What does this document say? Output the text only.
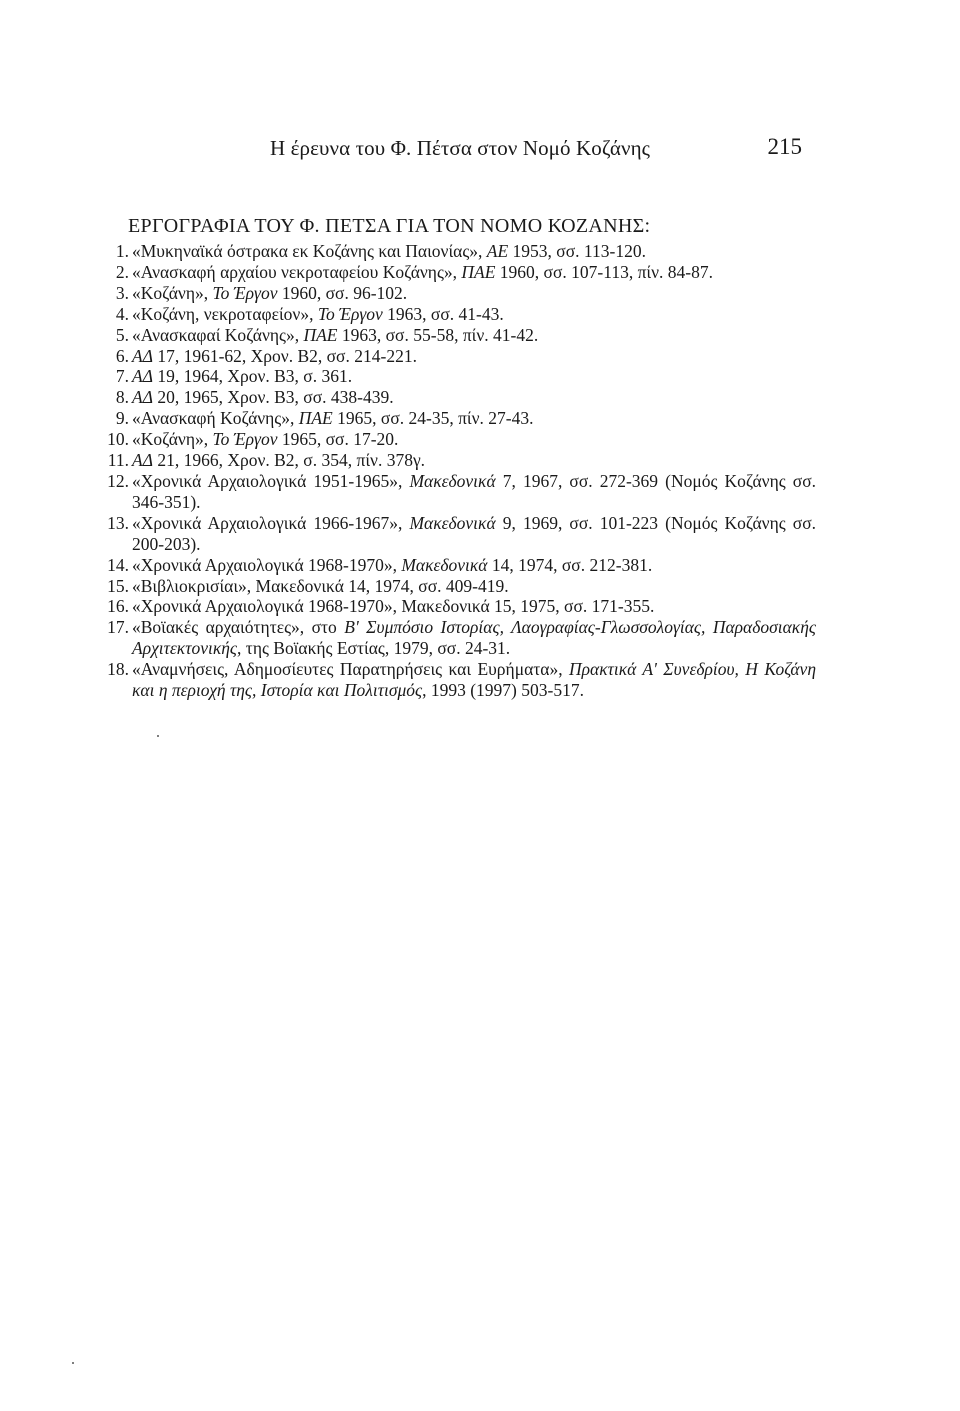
Η έρευνα του Φ. Πέτσα στον Νομό Κοζάνης	215
ΕΡΓΟΓΡΑΦΙΑ ΤΟΥ Φ. ΠΕΤΣΑ ΓΙΑ ΤΟΝ ΝΟΜΟ ΚΟΖΑΝΗΣ:
1. «Μυκηναϊκά όστρακα εκ Κοζάνης και Παιονίας», ΑΕ 1953, σσ. 113-120.
2. «Ανασκαφή αρχαίου νεκροταφείου Κοζάνης», ΠΑΕ 1960, σσ. 107-113, πίν. 84-87.
3. «Κοζάνη», Το Έργον 1960, σσ. 96-102.
4. «Κοζάνη, νεκροταφείον», Το Έργον 1963, σσ. 41-43.
5. «Ανασκαφαί Κοζάνης», ΠΑΕ 1963, σσ. 55-58, πίν. 41-42.
6. ΑΔ 17, 1961-62, Χρον. Β2, σσ. 214-221.
7. ΑΔ 19, 1964, Χρον. Β3, σ. 361.
8. ΑΔ 20, 1965, Χρον. Β3, σσ. 438-439.
9. «Ανασκαφή Κοζάνης», ΠΑΕ 1965, σσ. 24-35, πίν. 27-43.
10. «Κοζάνη», Το Έργον 1965, σσ. 17-20.
11. ΑΔ 21, 1966, Χρον. Β2, σ. 354, πίν. 378γ.
12. «Χρονικά Αρχαιολογικά 1951-1965», Μακεδονικά 7, 1967, σσ. 272-369 (Νομός Κοζάνης σσ. 346-351).
13. «Χρονικά Αρχαιολογικά 1966-1967», Μακεδονικά 9, 1969, σσ. 101-223 (Νομός Κοζάνης σσ. 200-203).
14. «Χρονικά Αρχαιολογικά 1968-1970», Μακεδονικά 14, 1974, σσ. 212-381.
15. «Βιβλιοκρισίαι», Μακεδονικά 14, 1974, σσ. 409-419.
16. «Χρονικά Αρχαιολογικά 1968-1970», Μακεδονικά 15, 1975, σσ. 171-355.
17. «Βοϊακές αρχαιότητες», στο Β' Συμπόσιο Ιστορίας, Λαογραφίας-Γλωσσολογίας, Παραδοσιακής Αρχιτεκτονικής, της Βοϊακής Εστίας, 1979, σσ. 24-31.
18. «Αναμνήσεις, Αδημοσίευτες Παρατηρήσεις και Ευρήματα», Πρακτικά Α' Συνεδρίου, Η Κοζάνη και η περιοχή της, Ιστορία και Πολιτισμός, 1993 (1997) 503-517.
